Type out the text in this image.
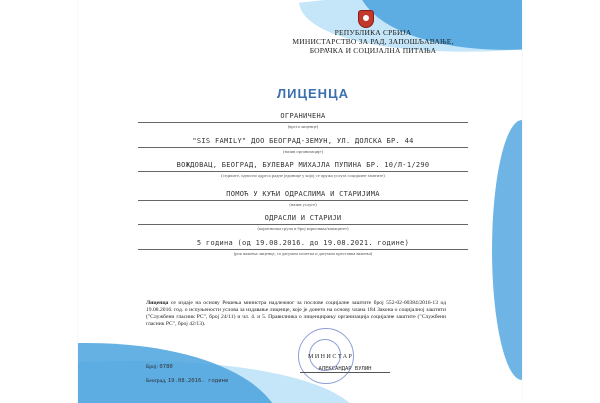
РЕПУБЛИКА СРБИЈА
МИНИСТАРСТВО ЗА РАД, ЗАПОШЉАВАЊЕ,
БОРАЧКА И СОЦИЈАЛНА ПИТАЊА
ЛИЦЕНЦА
ОГРАНИЧЕНА
(врста лиценце)
"SIS FAMILY" ДОО БЕОГРАД-ЗЕМУН, УЛ. ДОЛСКА БР. 44
(назив организације)
ВОЖДОВАЦ, БЕОГРАД, БУЛЕВАР МИХАЈЛА ПУПИНА БР. 10/Л-1/290
(седиште, односно адреса радне јединице у којој се пружа услуга социјалне заштите)
ПОМОЋ У КУЋИ ОДРАСЛИМА И СТАРИЈИМА
(назив услуге)
ОДРАСЛИ И СТАРИЈИ
(корисничка група и број корисника/капацитет)
5 година (од 19.08.2016. до 19.08.2021. године)
(рок важења лиценце, са датумом почетка и датумом престанка важења)
Лиценца се издаје на основу Решења министра надлежног за послове социјалне заштите број 552-02-00384/2016-13 од 19.08.2016. год. о испуњености услова за издавање лиценце, које је донето на основу члана 184 Закона о социјалној заштити ("Службени гласник РС", број 24/11) и чл. 4. и 5. Правилника о лиценцирању организација социјалне заштите ("Службени гласник РС", број 42/13).
МИНИСТАР
АЛЕКСАНДАР ВУЛИН
Број: 0780
Београд, 19.08.2016. године
